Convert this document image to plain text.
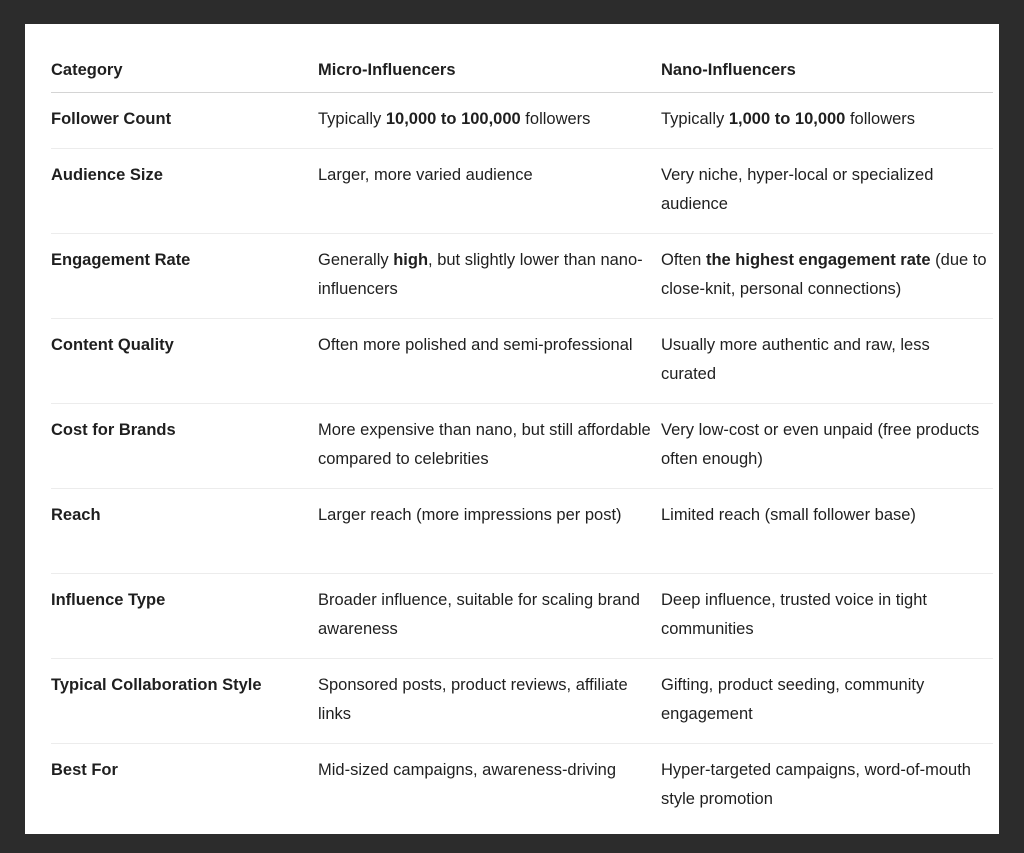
Category	Micro-Influencers	Nano-Influencers
Follower Count	Typically 10,000 to 100,000 followers	Typically 1,000 to 10,000 followers
Audience Size	Larger, more varied audience	Very niche, hyper-local or specialized audience
Engagement Rate	Generally high, but slightly lower than nano-influencers	Often the highest engagement rate (due to close-knit, personal connections)
Content Quality	Often more polished and semi-professional	Usually more authentic and raw, less curated
Cost for Brands	More expensive than nano, but still affordable compared to celebrities	Very low-cost or even unpaid (free products often enough)
Reach	Larger reach (more impressions per post)	Limited reach (small follower base)
Influence Type	Broader influence, suitable for scaling brand awareness	Deep influence, trusted voice in tight communities
Typical Collaboration Style	Sponsored posts, product reviews, affiliate links	Gifting, product seeding, community engagement
Best For	Mid-sized campaigns, awareness-driving	Hyper-targeted campaigns, word-of-mouth style promotion
